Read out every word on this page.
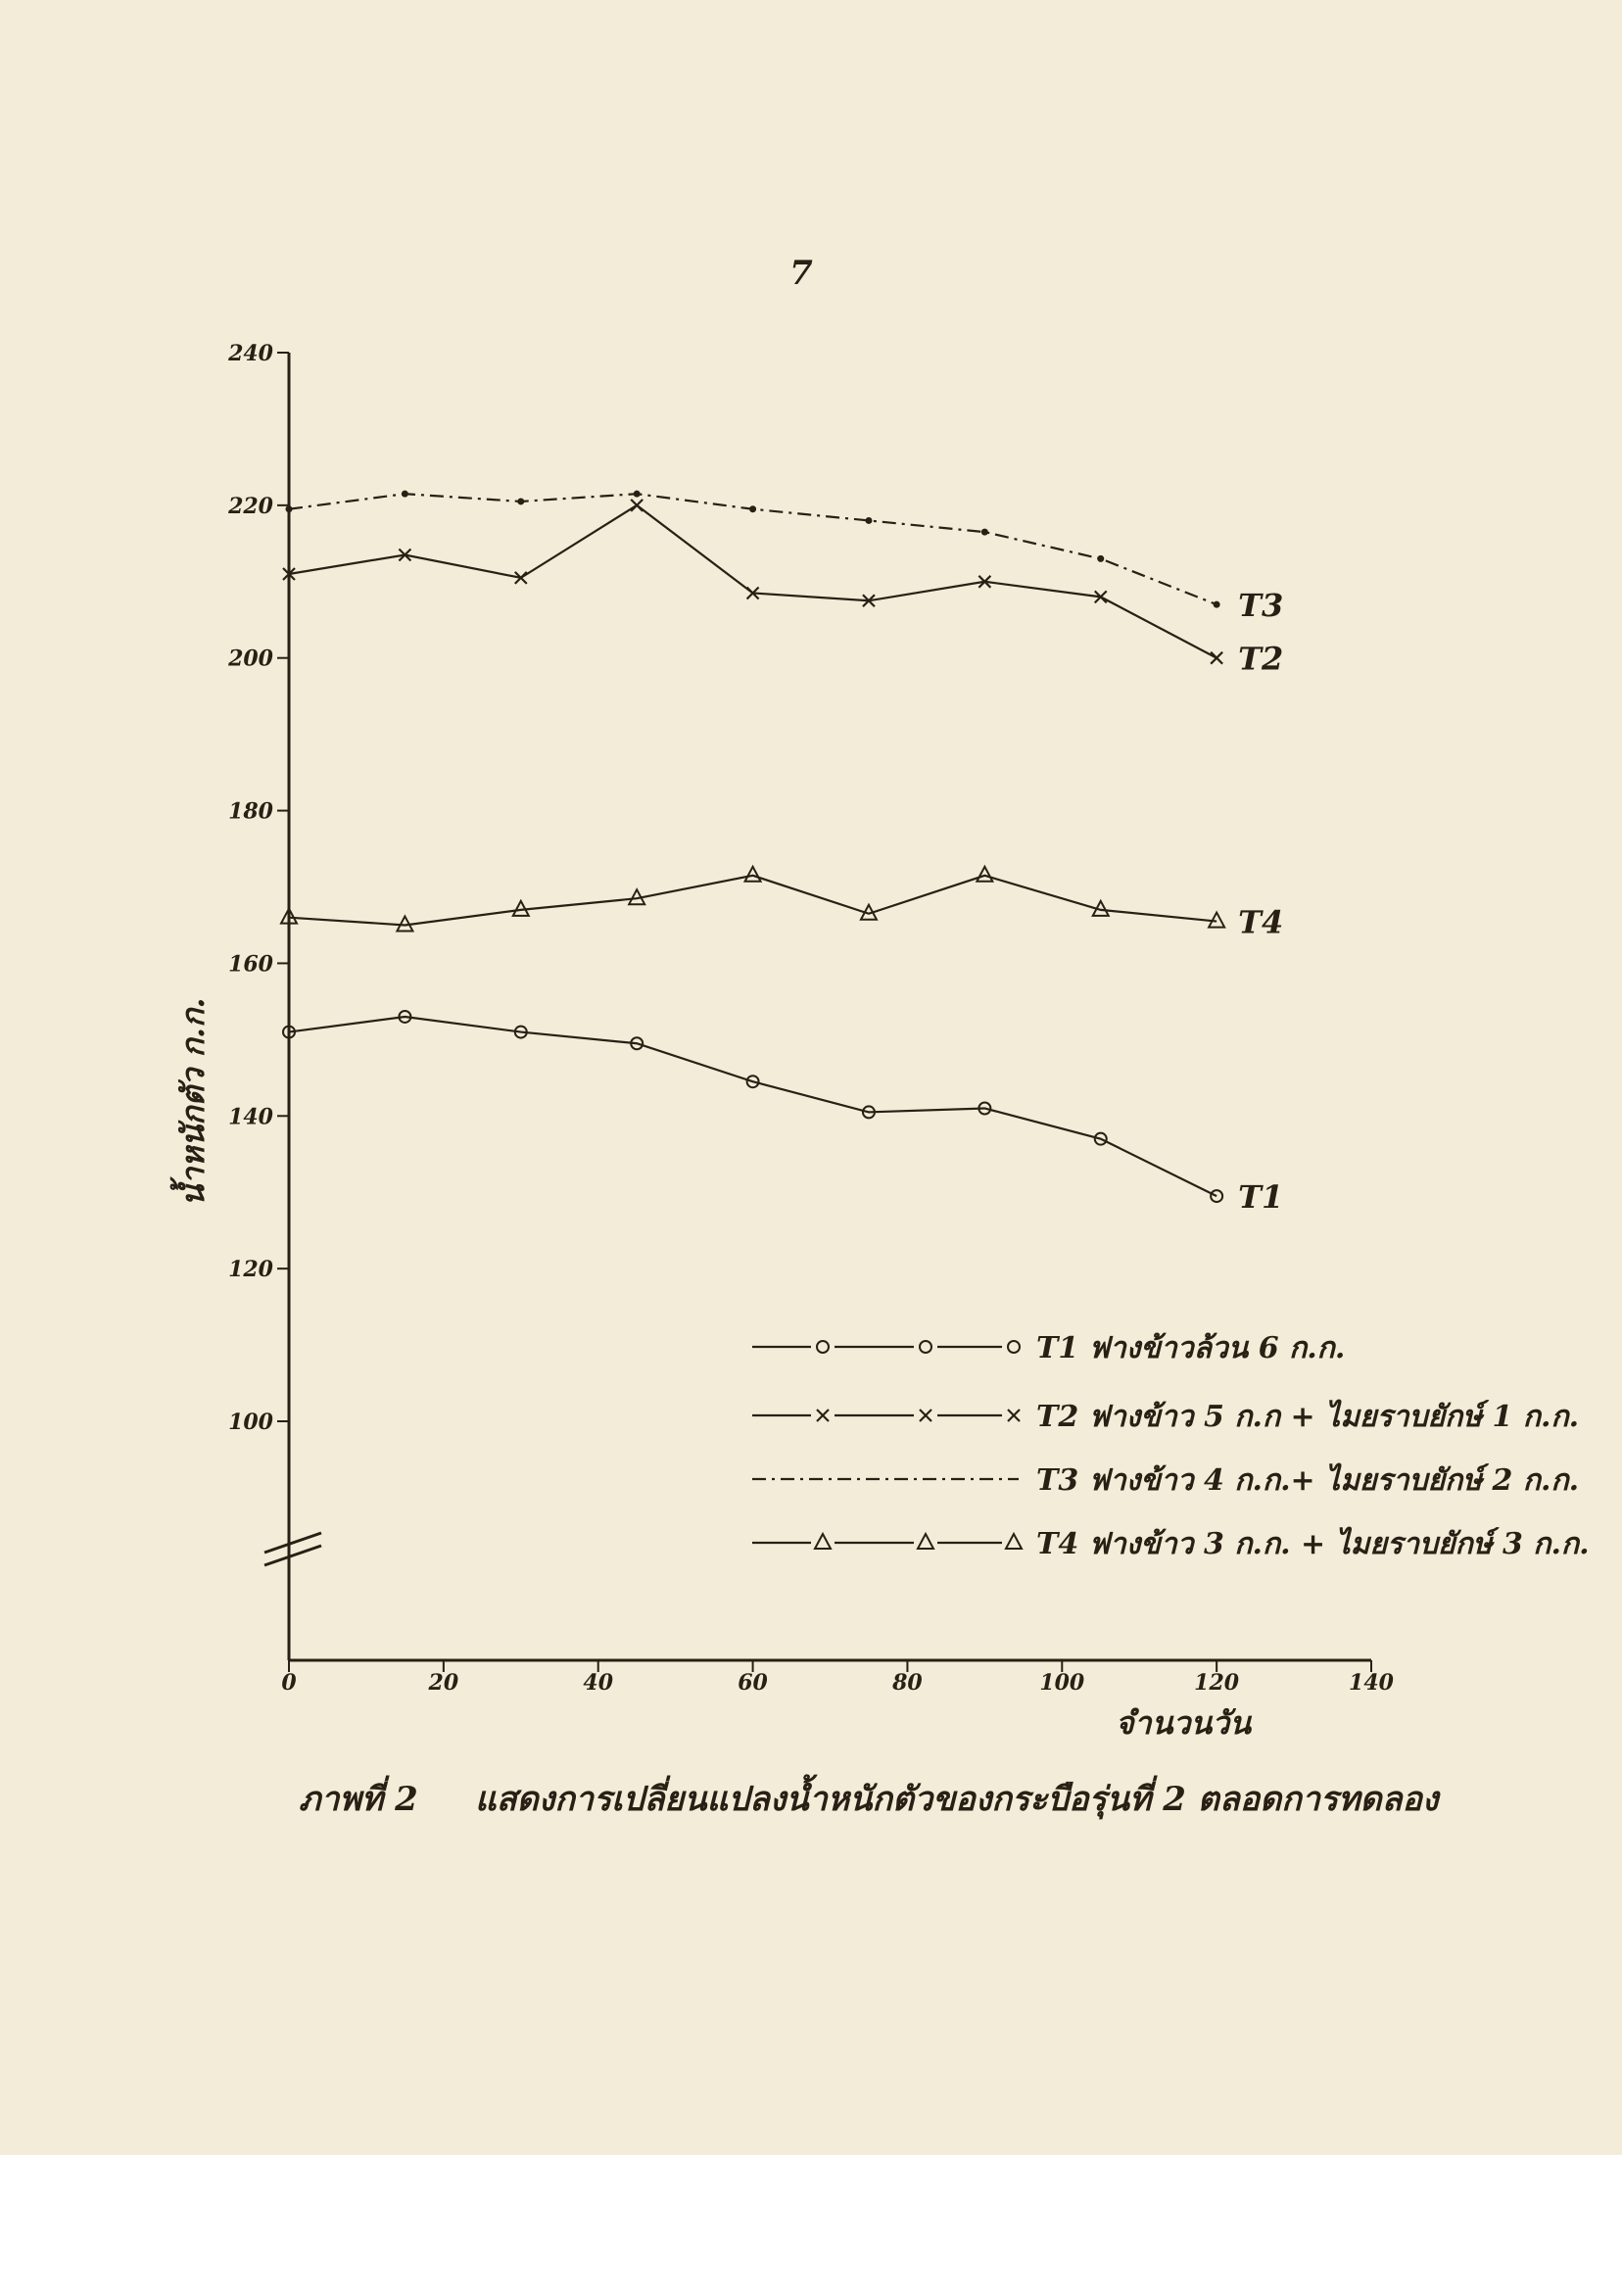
7
100
120
140
160
180
200
220
240
0	20	40	60	80	100	120	140
T1
T2
T3
T4
น้ำหนักตัว ก.ก.
จำนวนวัน
T1 ฟางข้าวล้วน 6 ก.ก.
T2 ฟางข้าว 5 ก.ก + ไมยราบยักษ์ 1 ก.ก.
T3 ฟางข้าว 4 ก.ก.+ ไมยราบยักษ์ 2 ก.ก.
T4 ฟางข้าว 3 ก.ก. + ไมยราบยักษ์ 3 ก.ก.
ภาพที่ 2 แสดงการเปลี่ยนแปลงน้ำหนักตัวของกระบือรุ่นที่ 2 ตลอดการทดลอง
